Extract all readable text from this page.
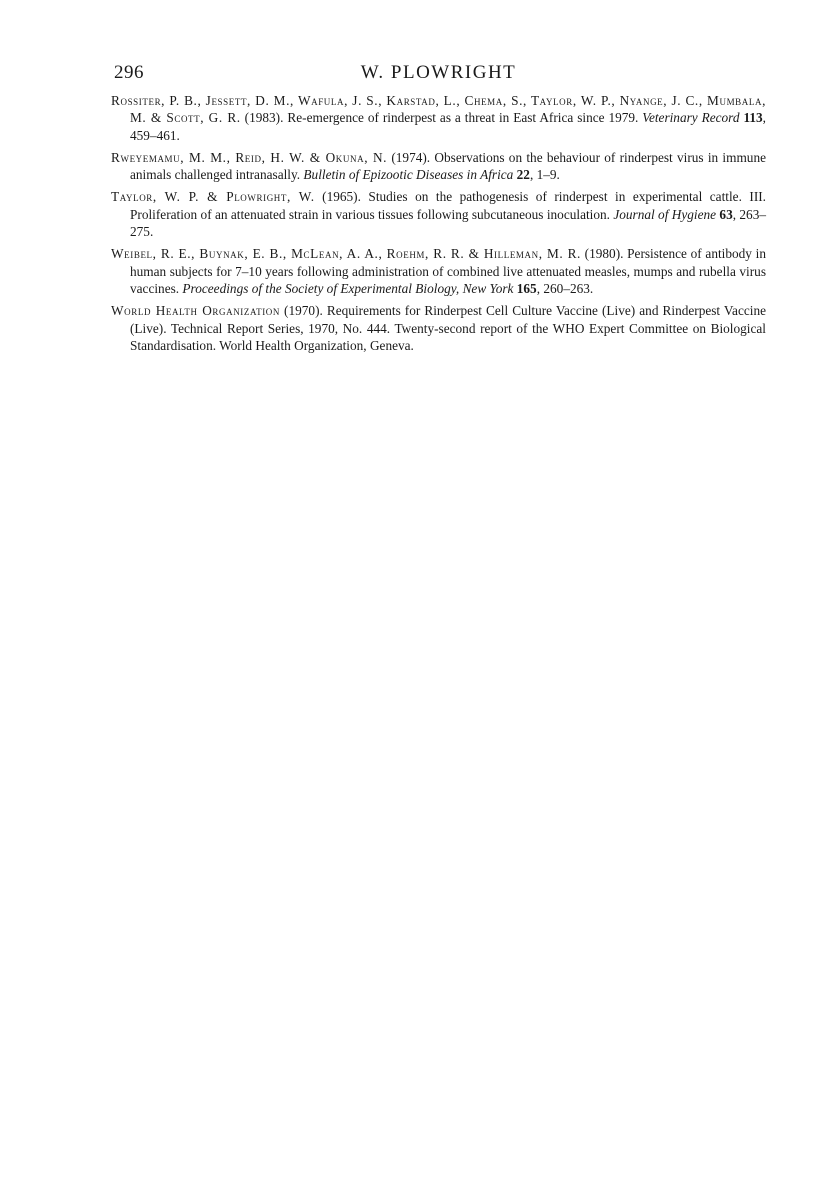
296	W. PLOWRIGHT
Rossiter, P. B., Jessett, D. M., Wafula, J. S., Karstad, L., Chema, S., Taylor, W. P., Nyange, J. C., Mumbala, M. & Scott, G. R. (1983). Re-emergence of rinderpest as a threat in East Africa since 1979. Veterinary Record 113, 459–461.
Rweyemamu, M. M., Reid, H. W. & Okuna, N. (1974). Observations on the behaviour of rinderpest virus in immune animals challenged intranasally. Bulletin of Epizootic Diseases in Africa 22, 1–9.
Taylor, W. P. & Plowright, W. (1965). Studies on the pathogenesis of rinderpest in experimental cattle. III. Proliferation of an attenuated strain in various tissues following subcutaneous inoculation. Journal of Hygiene 63, 263–275.
Weibel, R. E., Buynak, E. B., McLean, A. A., Roehm, R. R. & Hilleman, M. R. (1980). Persistence of antibody in human subjects for 7–10 years following administration of combined live attenuated measles, mumps and rubella virus vaccines. Proceedings of the Society of Experimental Biology, New York 165, 260–263.
World Health Organization (1970). Requirements for Rinderpest Cell Culture Vaccine (Live) and Rinderpest Vaccine (Live). Technical Report Series, 1970, No. 444. Twenty-second report of the WHO Expert Committee on Biological Standardisation. World Health Organization, Geneva.
